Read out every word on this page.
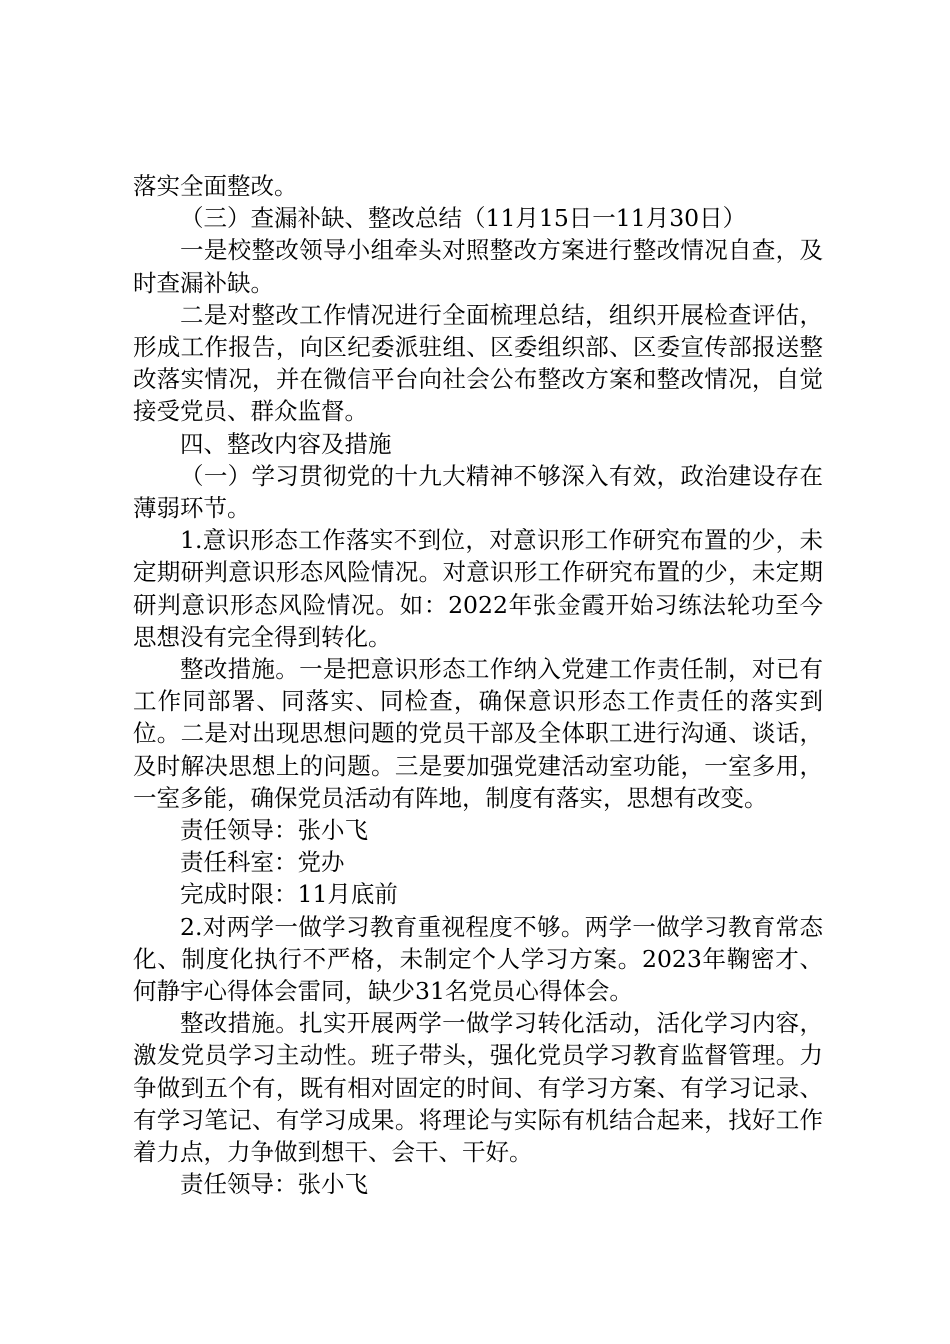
落实全面整改。

（三）查漏补缺、整改总结（11月15日一11月30日）

一是校整改领导小组牵头对照整改方案进行整改情况自查，及时查漏补缺。

二是对整改工作情况进行全面梳理总结，组织开展检查评估，形成工作报告，向区纪委派驻组、区委组织部、区委宣传部报送整改落实情况，并在微信平台向社会公布整改方案和整改情况，自觉接受党员、群众监督。

四、整改内容及措施

（一）学习贯彻党的十九大精神不够深入有效，政治建设存在薄弱环节。

1.意识形态工作落实不到位，对意识形工作研究布置的少，未定期研判意识形态风险情况。对意识形工作研究布置的少，未定期研判意识形态风险情况。如：2022年张金霞开始习练法轮功至今思想没有完全得到转化。

整改措施。一是把意识形态工作纳入党建工作责任制，对已有工作同部署、同落实、同检查，确保意识形态工作责任的落实到位。二是对出现思想问题的党员干部及全体职工进行沟通、谈话，及时解决思想上的问题。三是要加强党建活动室功能，一室多用，一室多能，确保党员活动有阵地，制度有落实，思想有改变。

责任领导：张小飞

责任科室：党办

完成时限：11月底前

2.对两学一做学习教育重视程度不够。两学一做学习教育常态化、制度化执行不严格，未制定个人学习方案。2023年鞠密才、何静宇心得体会雷同，缺少31名党员心得体会。

整改措施。扎实开展两学一做学习转化活动，活化学习内容，激发党员学习主动性。班子带头，强化党员学习教育监督管理。力争做到五个有，既有相对固定的时间、有学习方案、有学习记录、有学习笔记、有学习成果。将理论与实际有机结合起来，找好工作着力点，力争做到想干、会干、干好。

责任领导：张小飞
